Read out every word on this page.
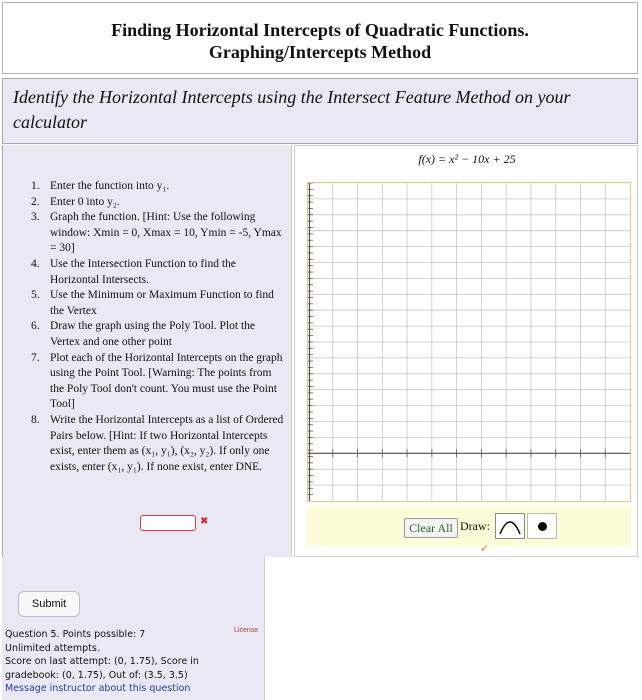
Finding Horizontal Intercepts of Quadratic Functions.
Graphing/Intercepts Method
Identify the Horizontal Intercepts using the Intersect Feature Method on your calculator
1. Enter the function into y₁.
2. Enter 0 into y₂.
3. Graph the function. [Hint: Use the following window: Xmin = 0, Xmax = 10, Ymin = -5, Ymax = 30]
4. Use the Intersection Function to find the Horizontal Intersects.
5. Use the Minimum or Maximum Function to find the Vertex
6. Draw the graph using the Poly Tool. Plot the Vertex and one other point
7. Plot each of the Horizontal Intercepts on the graph using the Point Tool. [Warning: The points from the Poly Tool don't count. You must use the Point Tool]
8. Write the Horizontal Intercepts as a list of Ordered Pairs below. [Hint: If two Horizontal Intercepts exist, enter them as (x₁, y₁), (x₂, y₂). If only one exists, enter (x₁, y₁). If none exist, enter DNE.
✖
f(x) = x² − 10x + 25
Clear All Draw:
✔
Submit
Question 5. Points possible: 7
Unlimited attempts.
Score on last attempt: (0, 1.75), Score in gradebook: (0, 1.75), Out of: (3.5, 3.5)
Message instructor about this question
License
